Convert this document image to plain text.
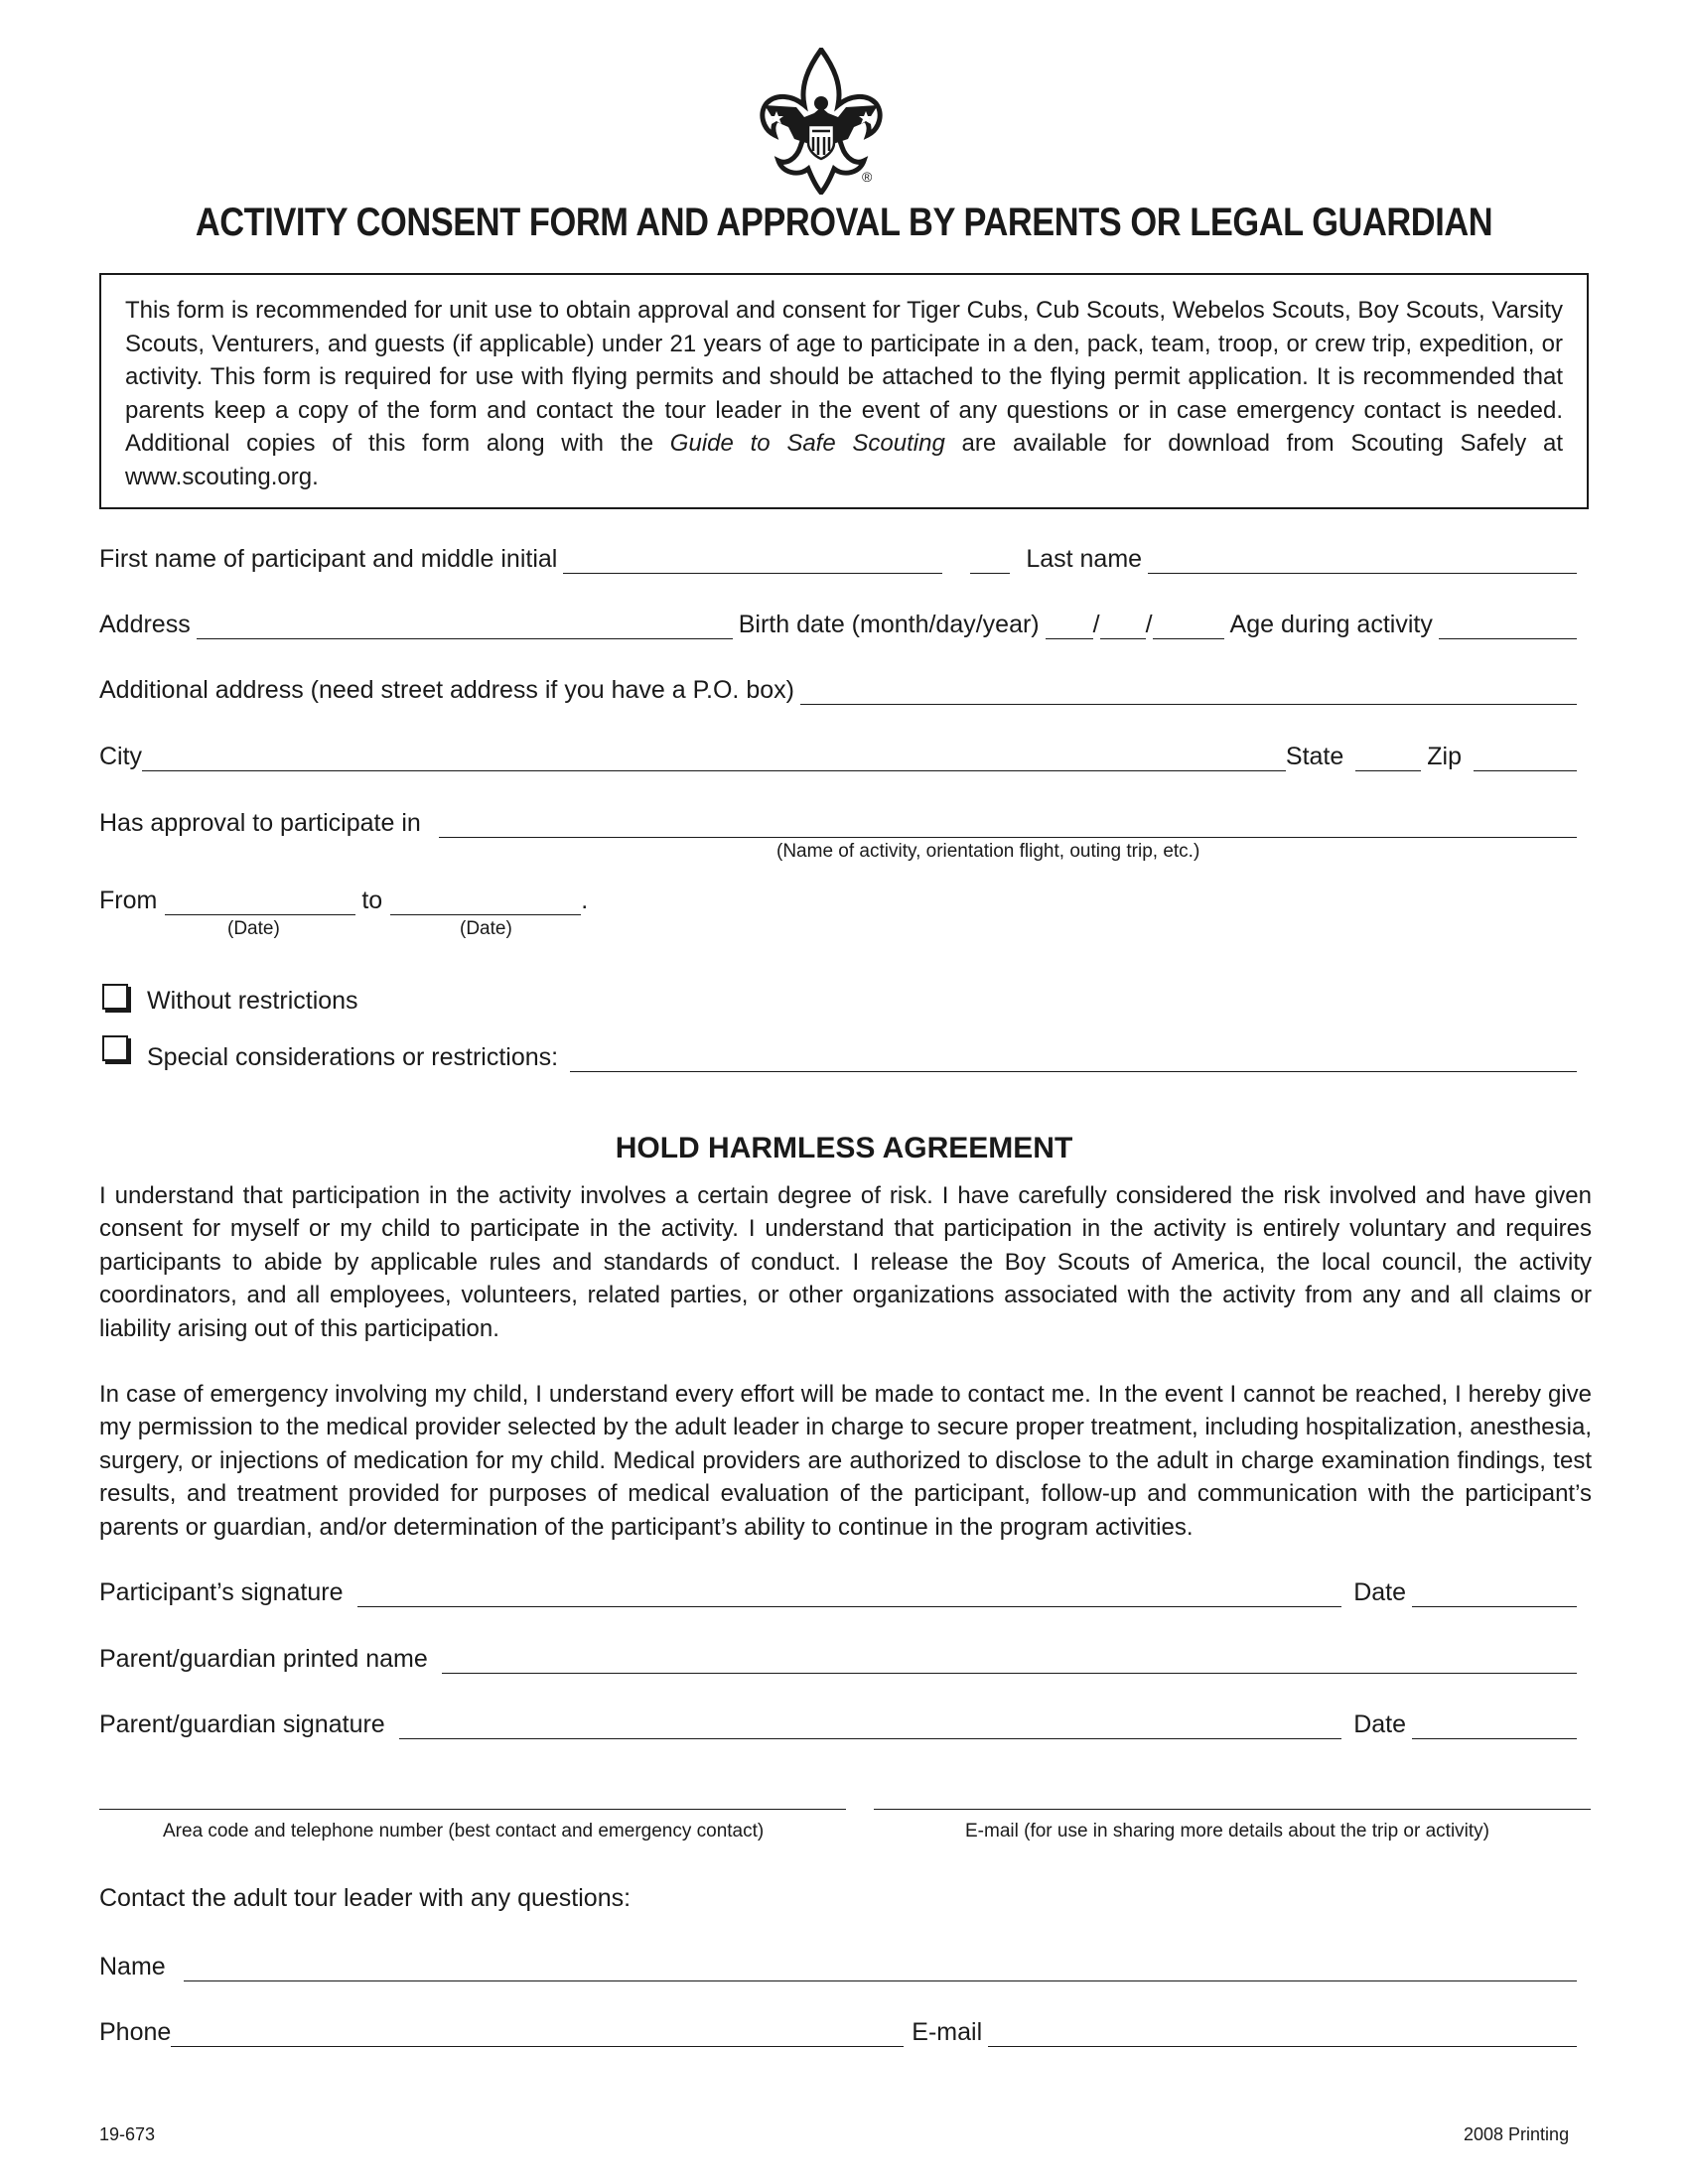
®
ACTIVITY CONSENT FORM AND APPROVAL BY PARENTS OR LEGAL GUARDIAN
This form is recommended for unit use to obtain approval and consent for Tiger Cubs, Cub Scouts, Webelos Scouts, Boy Scouts, Varsity Scouts, Venturers, and guests (if applicable) under 21 years of age to participate in a den, pack, team, troop, or crew trip, expedition, or activity. This form is required for use with flying permits and should be attached to the flying permit application. It is recommended that parents keep a copy of the form and contact the tour leader in the event of any questions or in case emergency contact is needed. Additional copies of this form along with the Guide to Safe Scouting are available for download from Scouting Safely at www.scouting.org.
First name of participant and middle initial	Last name
Address	Birth date (month/day/year) / /	Age during activity
Additional address (need street address if you have a P.O. box)
City	State	Zip
Has approval to participate in
(Name of activity, orientation flight, outing trip, etc.)
From	to	.
(Date)	(Date)
Without restrictions
Special considerations or restrictions:
HOLD HARMLESS AGREEMENT
I understand that participation in the activity involves a certain degree of risk. I have carefully considered the risk involved and have given consent for myself or my child to participate in the activity. I understand that participation in the activity is entirely voluntary and requires participants to abide by applicable rules and standards of conduct. I release the Boy Scouts of America, the local council, the activity coordinators, and all employees, volunteers, related parties, or other organizations associated with the activity from any and all claims or liability arising out of this participation.
In case of emergency involving my child, I understand every effort will be made to contact me. In the event I cannot be reached, I hereby give my permission to the medical provider selected by the adult leader in charge to secure proper treatment, including hospitalization, anesthesia, surgery, or injections of medication for my child. Medical providers are authorized to disclose to the adult in charge examination findings, test results, and treatment provided for purposes of medical evaluation of the participant, follow-up and communication with the participant’s parents or guardian, and/or determination of the participant’s ability to continue in the program activities.
Participant’s signature	Date
Parent/guardian printed name
Parent/guardian signature	Date
Area code and telephone number (best contact and emergency contact)	E-mail (for use in sharing more details about the trip or activity)
Contact the adult tour leader with any questions:
Name
Phone	E-mail
19-673	2008 Printing
